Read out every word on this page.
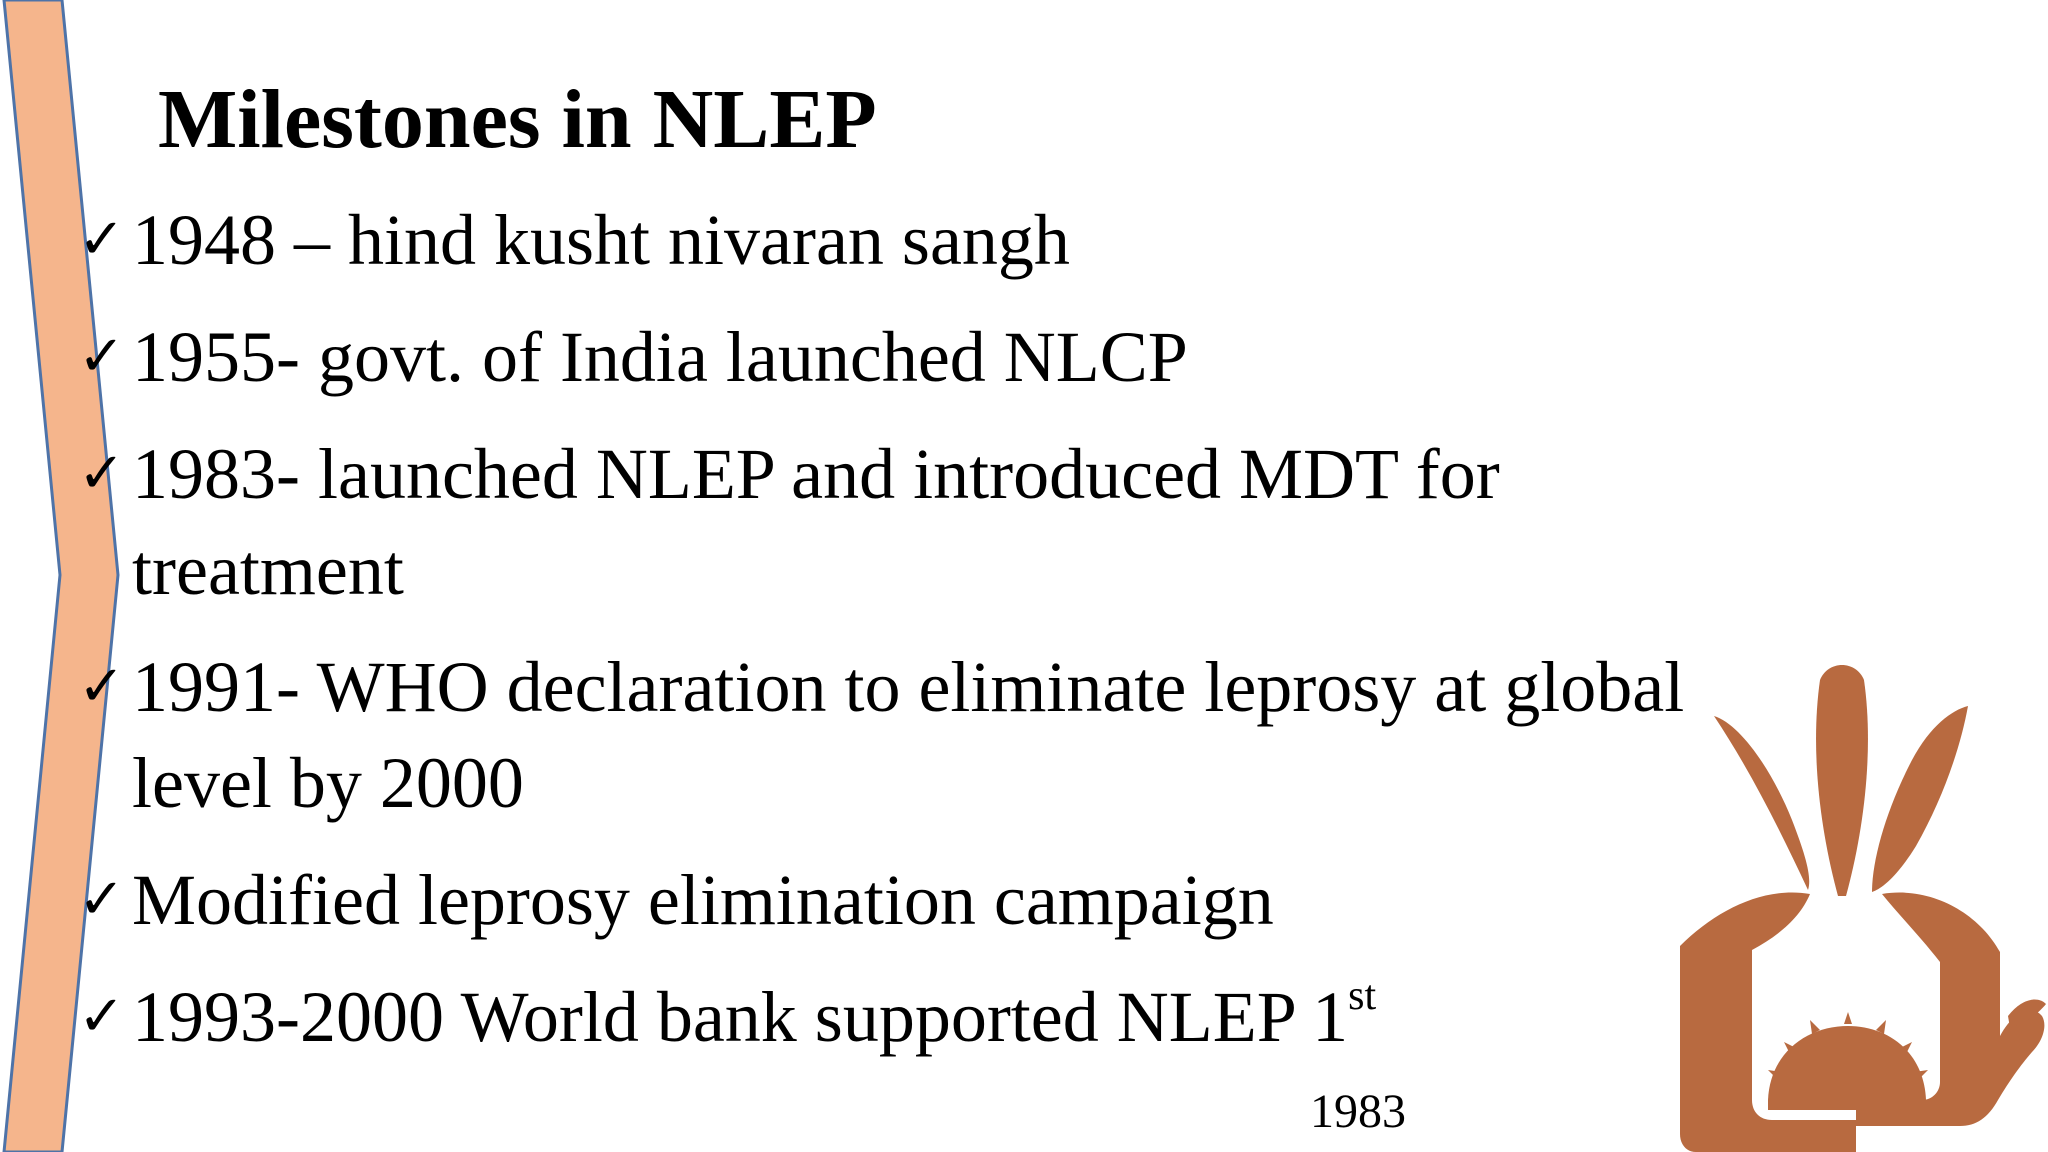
Milestones in NLEP
✓ 1948 – hind kusht nivaran sangh
✓ 1955- govt. of India launched NLCP
✓ 1983- launched NLEP and introduced MDT for
treatment
✓ 1991- WHO declaration to eliminate leprosy at global
level by 2000
✓ Modified leprosy elimination campaign
✓ 1993-2000 World bank supported NLEP 1st
1983
